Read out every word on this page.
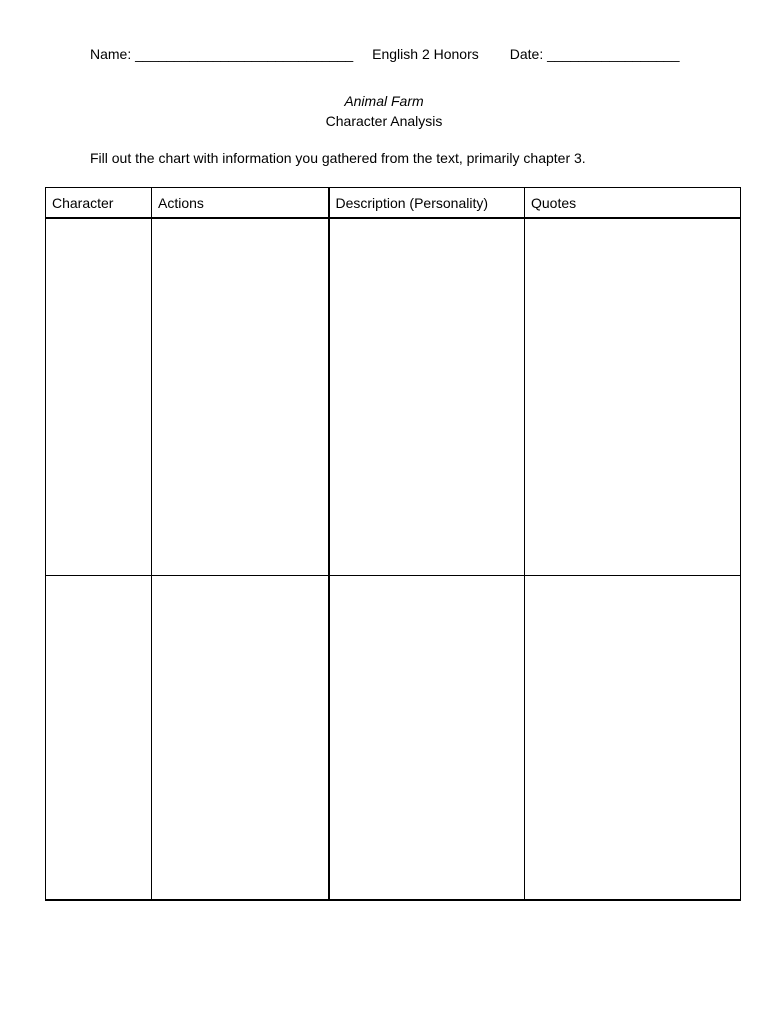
Name: ____________________________ English 2 Honors Date: _________________
Animal Farm
Character Analysis
Fill out the chart with information you gathered from the text, primarily chapter 3.
Character	Actions	Description (Personality)	Quotes
